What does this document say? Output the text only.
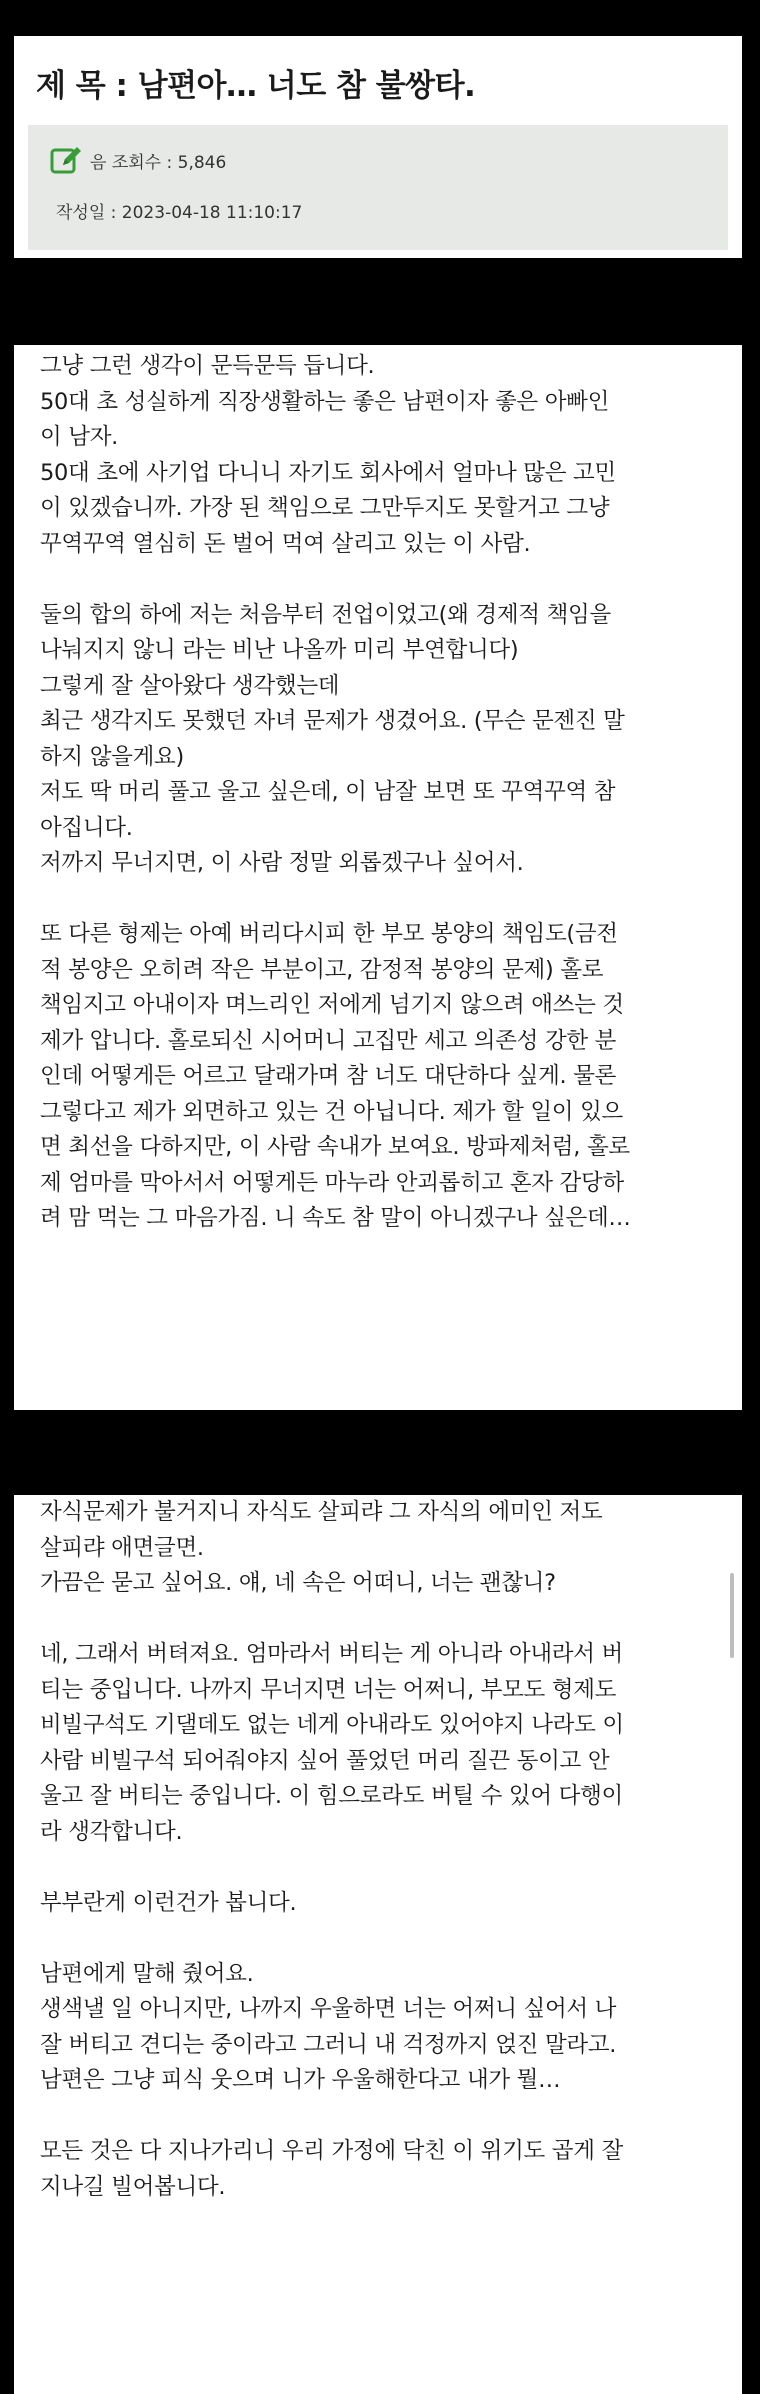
제 목 : 남편아… 너도 참 불쌍타.
음 조회수 : 5,846
작성일 : 2023-04-18 11:10:17

그냥 그런 생각이 문득문득 듭니다.

50대 초 성실하게 직장생활하는 좋은 남편이자 좋은 아빠인

이 남자.

50대 초에 사기업 다니니 자기도 회사에서 얼마나 많은 고민

이 있겠습니까. 가장 된 책임으로 그만두지도 못할거고 그냥

꾸역꾸역 열심히 돈 벌어 먹여 살리고 있는 이 사람.

둘의 합의 하에 저는 처음부터 전업이었고(왜 경제적 책임을

나눠지지 않니 라는 비난 나올까 미리 부연합니다)

그렇게 잘 살아왔다 생각했는데

최근 생각지도 못했던 자녀 문제가 생겼어요. (무슨 문젠진 말

하지 않을게요)

저도 딱 머리 풀고 울고 싶은데, 이 남잘 보면 또 꾸역꾸역 참

아집니다.

저까지 무너지면, 이 사람 정말 외롭겠구나 싶어서.

또 다른 형제는 아예 버리다시피 한 부모 봉양의 책임도(금전

적 봉양은 오히려 작은 부분이고, 감정적 봉양의 문제) 홀로

책임지고 아내이자 며느리인 저에게 넘기지 않으려 애쓰는 것

제가 압니다. 홀로되신 시어머니 고집만 세고 의존성 강한 분

인데 어떻게든 어르고 달래가며 참 너도 대단하다 싶게. 물론

그렇다고 제가 외면하고 있는 건 아닙니다. 제가 할 일이 있으

면 최선을 다하지만, 이 사람 속내가 보여요. 방파제처럼, 홀로

제 엄마를 막아서서 어떻게든 마누라 안괴롭히고 혼자 감당하

려 맘 먹는 그 마음가짐. 니 속도 참 말이 아니겠구나 싶은데…

자식문제가 불거지니 자식도 살피랴 그 자식의 에미인 저도

살피랴 애면글면.

가끔은 묻고 싶어요. 얘, 네 속은 어떠니, 너는 괜찮니?

네, 그래서 버텨져요. 엄마라서 버티는 게 아니라 아내라서 버

티는 중입니다. 나까지 무너지면 너는 어쩌니, 부모도 형제도

비빌구석도 기댈데도 없는 네게 아내라도 있어야지 나라도 이

사람 비빌구석 되어줘야지 싶어 풀었던 머리 질끈 동이고 안

울고 잘 버티는 중입니다. 이 힘으로라도 버틸 수 있어 다행이

라 생각합니다.

부부란게 이런건가 봅니다.

남편에게 말해 줬어요.

생색낼 일 아니지만, 나까지 우울하면 너는 어쩌니 싶어서 나

잘 버티고 견디는 중이라고 그러니 내 걱정까지 얹진 말라고.

남편은 그냥 피식 웃으며 니가 우울해한다고 내가 뭘…

모든 것은 다 지나가리니 우리 가정에 닥친 이 위기도 곱게 잘

지나길 빌어봅니다.
